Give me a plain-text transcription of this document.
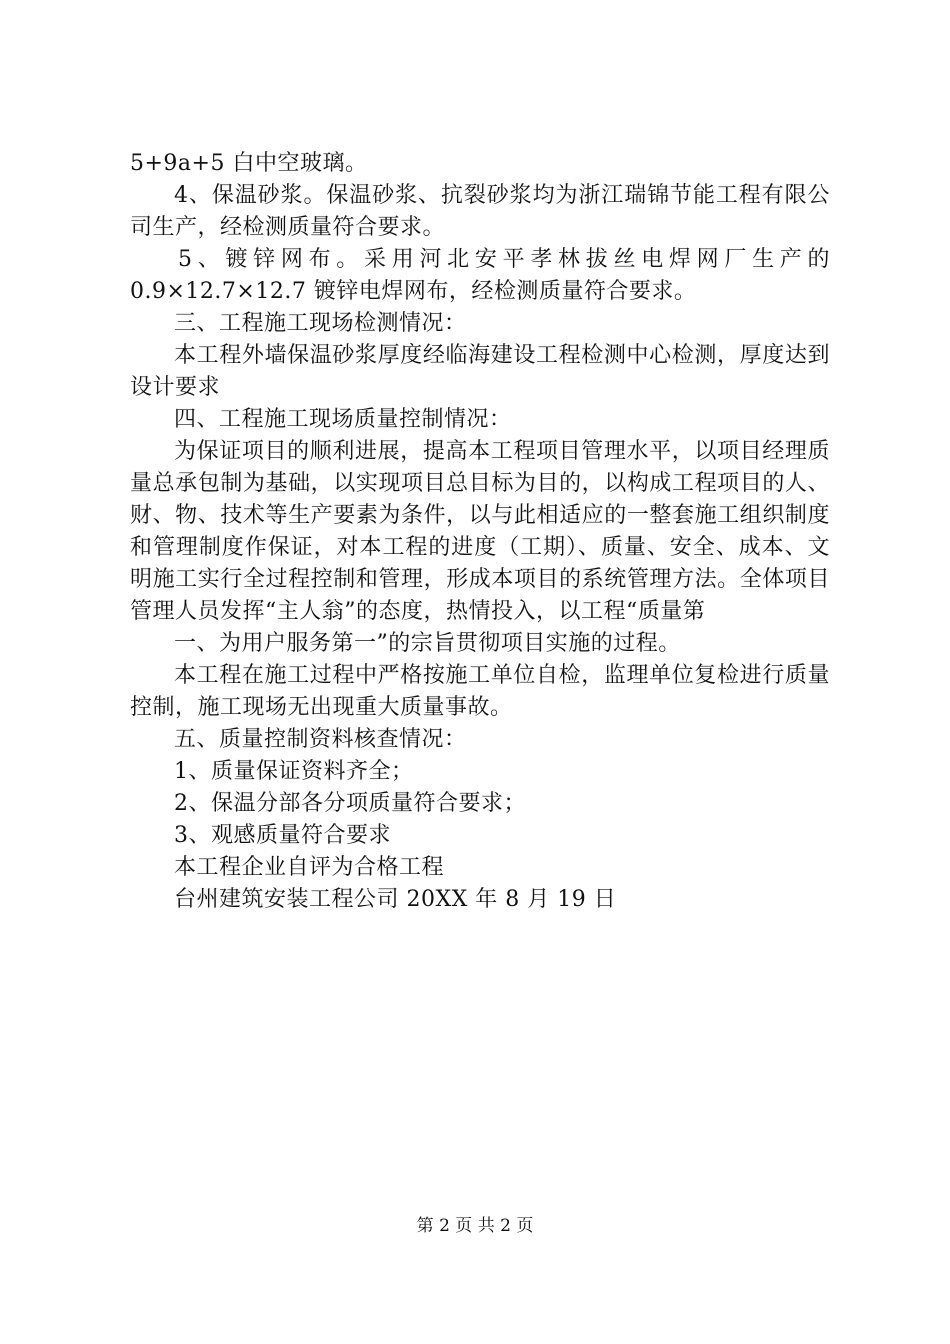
5+9a+5 白中空玻璃。

4、保温砂浆。保温砂浆、抗裂砂浆均为浙江瑞锦节能工程有限公司生产，经检测质量符合要求。

5、镀锌网布。采用河北安平孝林拔丝电焊网厂生产的0.9×12.7×12.7 镀锌电焊网布，经检测质量符合要求。

三、工程施工现场检测情况：

本工程外墙保温砂浆厚度经临海建设工程检测中心检测，厚度达到设计要求

四、工程施工现场质量控制情况：

为保证项目的顺利进展，提高本工程项目管理水平，以项目经理质量总承包制为基础，以实现项目总目标为目的，以构成工程项目的人、财、物、技术等生产要素为条件，以与此相适应的一整套施工组织制度和管理制度作保证，对本工程的进度（工期）、质量、安全、成本、文明施工实行全过程控制和管理，形成本项目的系统管理方法。全体项目管理人员发挥“主人翁”的态度，热情投入，以工程“质量第

一、为用户服务第一”的宗旨贯彻项目实施的过程。

本工程在施工过程中严格按施工单位自检，监理单位复检进行质量控制，施工现场无出现重大质量事故。

五、质量控制资料核查情况：

1、质量保证资料齐全；

2、保温分部各分项质量符合要求；

3、观感质量符合要求

本工程企业自评为合格工程

台州建筑安装工程公司 20XX 年 8 月 19 日

第 2 页 共 2 页
